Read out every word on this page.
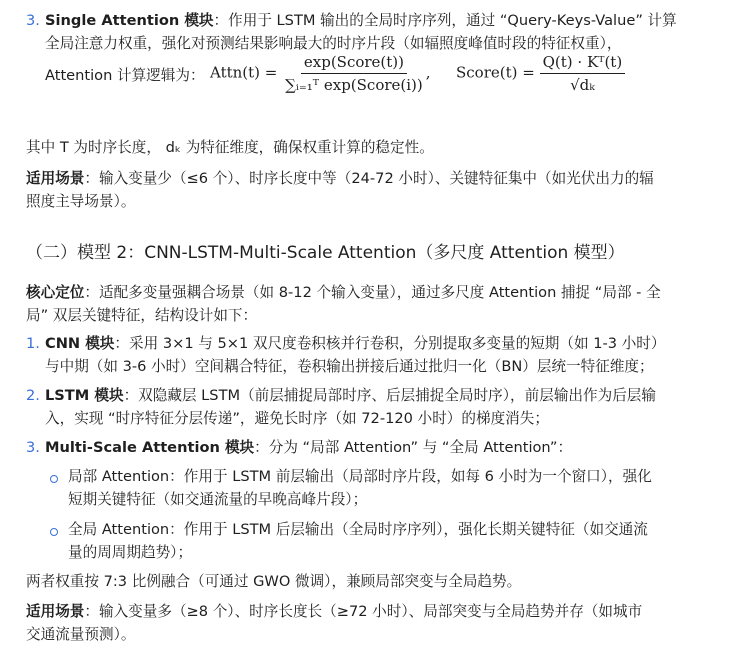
3. Single Attention 模块：作用于 LSTM 输出的全局时序序列，通过 “Query-Keys-Value” 计算
全局注意力权重，强化对预测结果影响最大的时序片段（如辐照度峰值时段的特征权重），
Attention 计算逻辑为： Attn(t) = $\frac{\text{exp(Score(t))}}{\text{∑ᵢ₌₁ᵀ exp(Score(i))}}$ , Score(t) = $\frac{\text{Q(t) · Kᵀ(t)}}{\text{√dₖ}}$
其中 T 为时序长度， dₖ 为特征维度，确保权重计算的稳定性。
适用场景：输入变量少（≤6 个）、时序长度中等（24-72 小时）、关键特征集中（如光伏出力的辐
照度主导场景）。
（二）模型 2：CNN-LSTM-Multi-Scale Attention（多尺度 Attention 模型）
核心定位：适配多变量强耦合场景（如 8-12 个输入变量），通过多尺度 Attention 捕捉 “局部 - 全
局” 双层关键特征，结构设计如下：
1. CNN 模块：采用 3×1 与 5×1 双尺度卷积核并行卷积，分别提取多变量的短期（如 1-3 小时）
与中期（如 3-6 小时）空间耦合特征，卷积输出拼接后通过批归一化（BN）层统一特征维度；
2. LSTM 模块：双隐藏层 LSTM（前层捕捉局部时序、后层捕捉全局时序），前层输出作为后层输
入，实现 “时序特征分层传递”，避免长时序（如 72-120 小时）的梯度消失；
3. Multi-Scale Attention 模块：分为 “局部 Attention” 与 “全局 Attention”：
局部 Attention：作用于 LSTM 前层输出（局部时序片段，如每 6 小时为一个窗口），强化
短期关键特征（如交通流量的早晚高峰片段）；
全局 Attention：作用于 LSTM 后层输出（全局时序序列），强化长期关键特征（如交通流
量的周周期趋势）；
两者权重按 7:3 比例融合（可通过 GWO 微调），兼顾局部突变与全局趋势。
适用场景：输入变量多（≥8 个）、时序长度长（≥72 小时）、局部突变与全局趋势并存（如城市
交通流量预测）。
